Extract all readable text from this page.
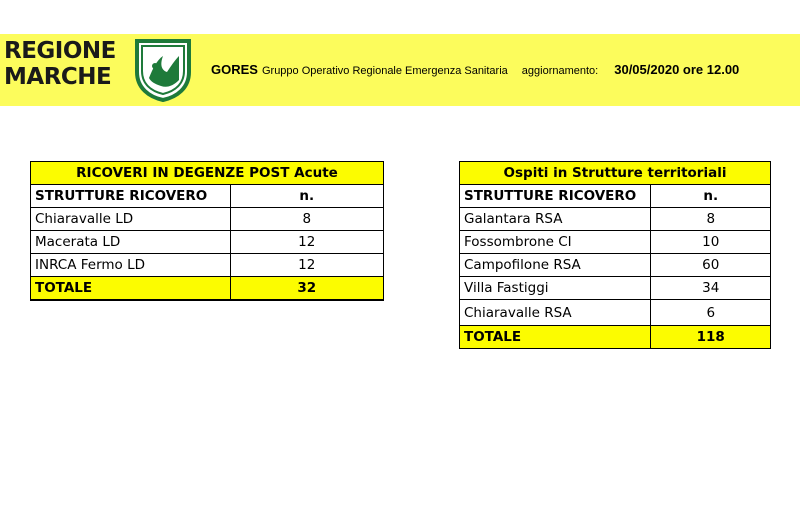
REGIONE
MARCHE	GORES Gruppo Operativo Regionale Emergenza Sanitaria aggiornamento: 30/05/2020 ore 12.00
RICOVERI IN DEGENZE POST Acute	
STRUTTURE RICOVERO	n.
Chiaravalle LD	8
Macerata LD	12
INRCA Fermo LD	12
TOTALE	32
Ospiti in Strutture territoriali	
STRUTTURE RICOVERO	n.
Galantara RSA	8
Fossombrone CI	10
Campofilone RSA	60
Villa Fastiggi	34
Chiaravalle RSA	6
TOTALE	118
